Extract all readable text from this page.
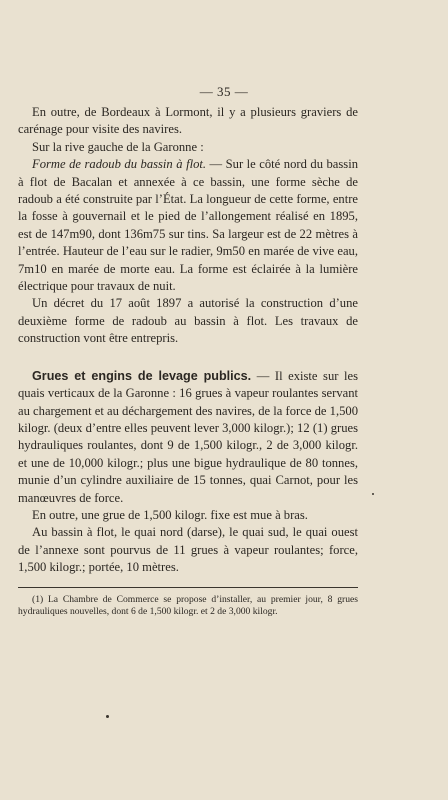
— 35 —

En outre, de Bordeaux à Lormont, il y a plusieurs graviers de carénage pour visite des navires.

Sur la rive gauche de la Garonne :

Forme de radoub du bassin à flot. — Sur le côté nord du bassin à flot de Bacalan et annexée à ce bassin, une forme sèche de radoub a été construite par l’État. La longueur de cette forme, entre la fosse à gouvernail et le pied de l’allongement réalisé en 1895, est de 147m90, dont 136m75 sur tins. Sa largeur est de 22 mètres à l’entrée. Hauteur de l’eau sur le radier, 9m50 en marée de vive eau, 7m10 en marée de morte eau. La forme est éclairée à la lumière électrique pour travaux de nuit.

Un décret du 17 août 1897 a autorisé la construction d’une deuxième forme de radoub au bassin à flot. Les travaux de construction vont être entrepris.

Grues et engins de levage publics. — Il existe sur les quais verticaux de la Garonne : 16 grues à vapeur roulantes servant au chargement et au déchargement des navires, de la force de 1,500 kilogr. (deux d’entre elles peuvent lever 3,000 kilogr.); 12 (1) grues hydrauliques roulantes, dont 9 de 1,500 kilogr., 2 de 3,000 kilogr. et une de 10,000 kilogr.; plus une bigue hydraulique de 80 tonnes, munie d’un cylindre auxiliaire de 15 tonnes, quai Carnot, pour les manœuvres de force.

En outre, une grue de 1,500 kilogr. fixe est mue à bras.

Au bassin à flot, le quai nord (darse), le quai sud, le quai ouest de l’annexe sont pourvus de 11 grues à vapeur roulantes; force, 1,500 kilogr.; portée, 10 mètres.

(1) La Chambre de Commerce se propose d’installer, au premier jour, 8 grues hydrauliques nouvelles, dont 6 de 1,500 kilogr. et 2 de 3,000 kilogr.
